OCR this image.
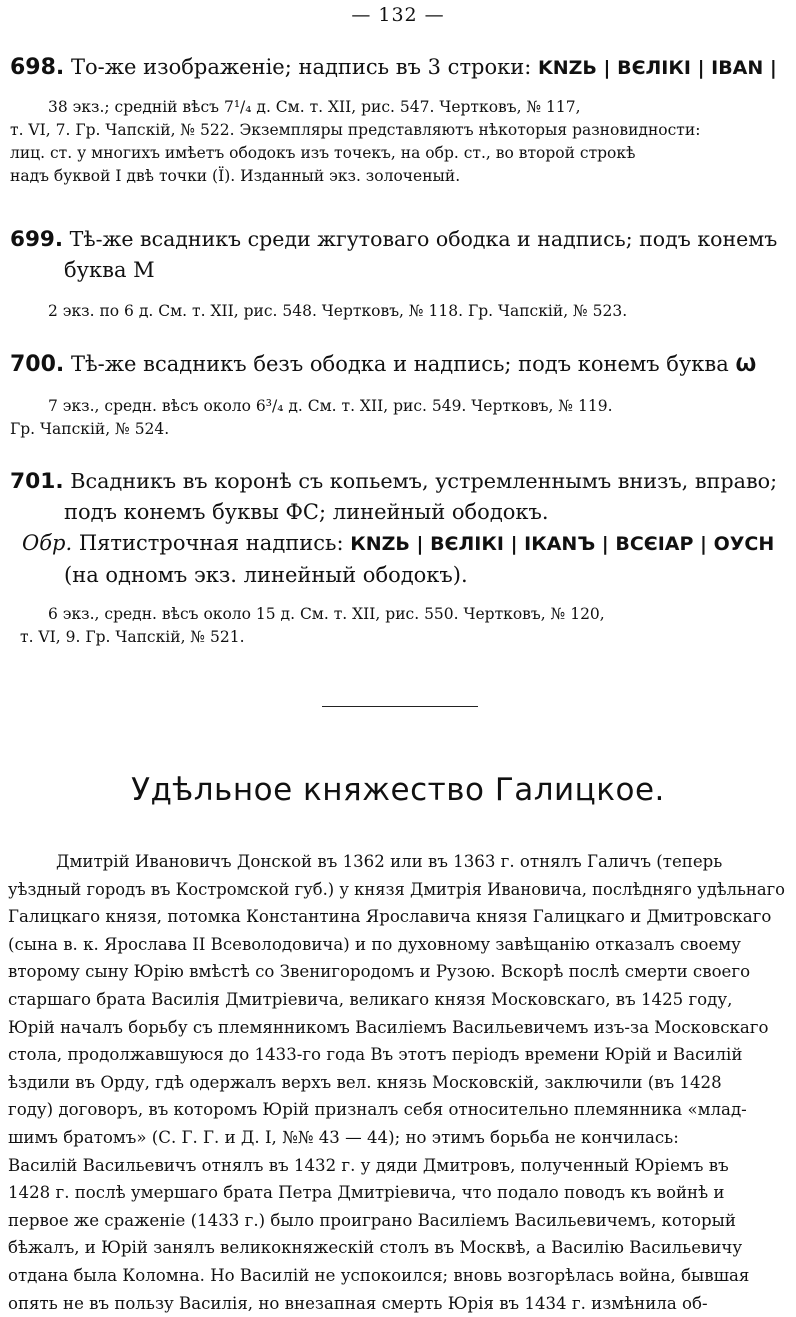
— 132 —
698. То-же изображеніе; надпись въ 3 строки: KNZЬ | ВЄЛІКІ | IВАN |
38 экз.; средній вѣсъ 7¹/₄ д. См. т. XII, рис. 547. Чертковъ, № 117,
т. VI, 7. Гр. Чапскій, № 522. Экземпляры представляютъ нѣкоторыя разновидности:
лиц. ст. у многихъ имѣетъ ободокъ изъ точекъ, на обр. ст., во второй строкѣ
надъ буквой І двѣ точки (Ї). Изданный экз. золоченый.
699. Тѣ-же всадникъ среди жгутоваго ободка и надпись; подъ конемъ
буква М
2 экз. по 6 д. См. т. XII, рис. 548. Чертковъ, № 118. Гр. Чапскій, № 523.
700. Тѣ-же всадникъ безъ ободка и надпись; подъ конемъ буква Ѡ
7 экз., средн. вѣсъ около 6³/₄ д. См. т. XII, рис. 549. Чертковъ, № 119.
Гр. Чапскій, № 524.
701. Всадникъ въ коронѣ съ копьемъ, устремленнымъ внизъ, вправо;
подъ конемъ буквы ФС; линейный ободокъ.
Обр. Пятистрочная надпись: КNZЬ | ВЄЛІКІ | ІКАNЪ | ВСЄІАР | ОУСН
(на одномъ экз. линейный ободокъ).
6 экз., средн. вѣсъ около 15 д. См. т. XII, рис. 550. Чертковъ, № 120,
т. VI, 9. Гр. Чапскій, № 521.
Удѣльное княжество Галицкое.
Дмитрій Ивановичъ Донской въ 1362 или въ 1363 г. отнялъ Галичъ (теперь
уѣздный городъ въ Костромской губ.) у князя Дмитрія Ивановича, послѣдняго удѣльнаго
Галицкаго князя, потомка Константина Ярославича князя Галицкаго и Дмитровскаго
(сына в. к. Ярослава II Всеволодовича) и по духовному завѣщанію отказалъ своему
второму сыну Юрію вмѣстѣ со Звенигородомъ и Рузою. Вскорѣ послѣ смерти своего
старшаго брата Василія Дмитріевича, великаго князя Московскаго, въ 1425 году,
Юрій началъ борьбу съ племянникомъ Василіемъ Васильевичемъ изъ-за Московскаго
стола, продолжавшуюся до 1433-го года Въ этотъ періодъ времени Юрій и Василій
ѣздили въ Орду, гдѣ одержалъ верхъ вел. князь Московскій, заключили (въ 1428
году) договоръ, въ которомъ Юрій призналъ себя относительно племянника «млад-
шимъ братомъ» (С. Г. Г. и Д. I, №№ 43 — 44); но этимъ борьба не кончилась:
Василій Васильевичъ отнялъ въ 1432 г. у дяди Дмитровъ, полученный Юріемъ въ
1428 г. послѣ умершаго брата Петра Дмитріевича, что подало поводъ къ войнѣ и
первое же сраженіе (1433 г.) было проиграно Василіемъ Васильевичемъ, который
бѣжалъ, и Юрій занялъ великокняжескій столъ въ Москвѣ, а Василію Васильевичу
отдана была Коломна. Но Василій не успокоился; вновь возгорѣлась война, бывшая
опять не въ пользу Василія, но внезапная смерть Юрія въ 1434 г. измѣнила об-
